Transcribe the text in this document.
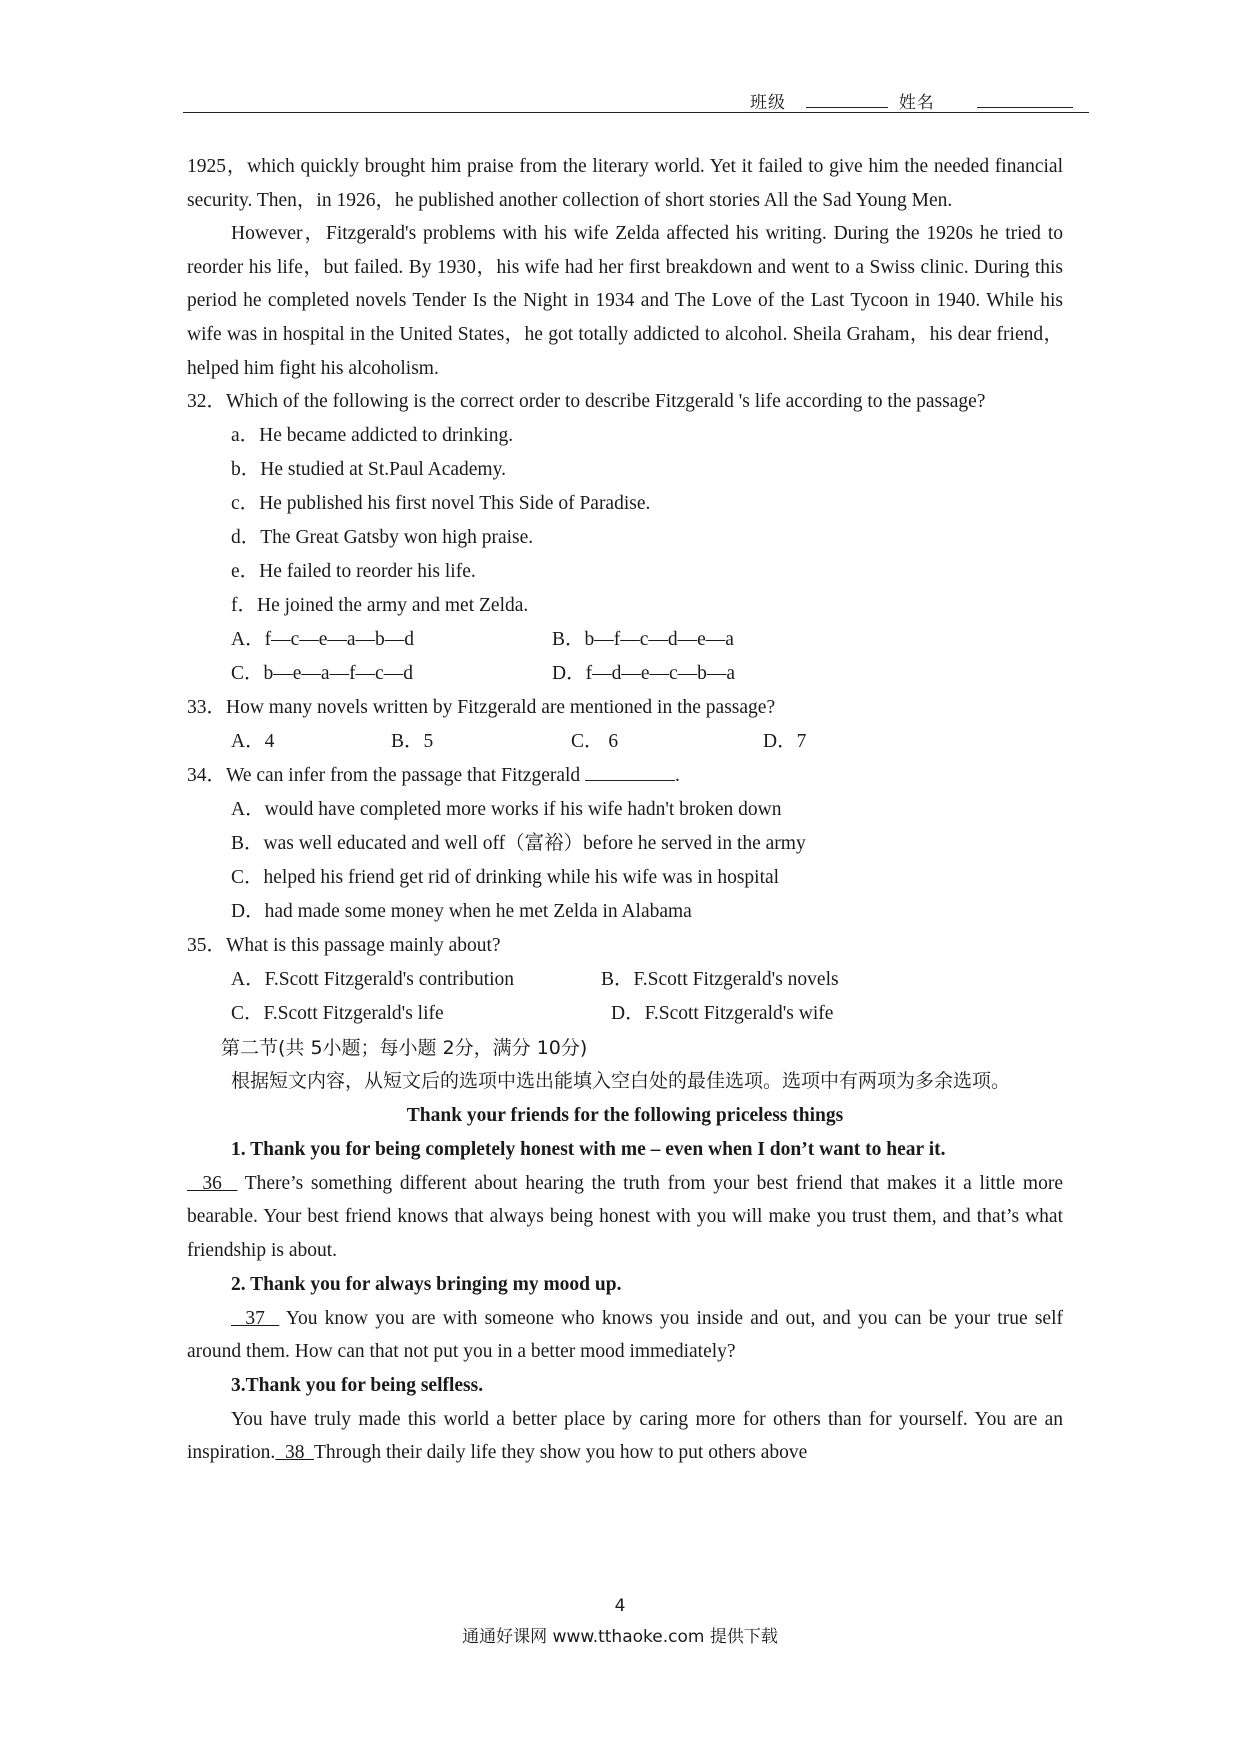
班级	姓名

1925，which quickly brought him praise from the literary world. Yet it failed to give him the needed financial security. Then，in 1926，he published another collection of short stories All the Sad Young Men.

However，Fitzgerald's problems with his wife Zelda affected his writing. During the 1920s he tried to reorder his life，but failed. By 1930，his wife had her first breakdown and went to a Swiss clinic. During this period he completed novels Tender Is the Night in 1934 and The Love of the Last Tycoon in 1940. While his wife was in hospital in the United States，he got totally addicted to alcohol. Sheila Graham，his dear friend，helped him fight his alcoholism.

32．Which of the following is the correct order to describe Fitzgerald 's life according to the passage?

a．He became addicted to drinking.

b．He studied at St.Paul Academy.

c．He published his first novel This Side of Paradise.

d．The Great Gatsby won high praise.

e．He failed to reorder his life.

f．He joined the army and met Zelda.

A．f—c—e—a—b—d	B．b—f—c—d—e—a
C．b—e—a—f—c—d	D．f—d—e—c—b—a

33．How many novels written by Fitzgerald are mentioned in the passage?

A．4	B．5	C． 6	D．7

34．We can infer from the passage that Fitzgerald	.

A．would have completed more works if his wife hadn't broken down

B．was well educated and well off（富裕）before he served in the army

C．helped his friend get rid of drinking while his wife was in hospital

D．had made some money when he met Zelda in Alabama

35．What is this passage mainly about?

A．F.Scott Fitzgerald's contribution	B．F.Scott Fitzgerald's novels
C．F.Scott Fitzgerald's life	D．F.Scott Fitzgerald's wife

第二节(共 5小题；每小题 2分，满分 10分)

根据短文内容，从短文后的选项中选出能填入空白处的最佳选项。选项中有两项为多余选项。

Thank your friends for the following priceless things

1. Thank you for being completely honest with me – even when I don’t want to hear it.

36   There’s something different about hearing the truth from your best friend that makes it a little more bearable. Your best friend knows that always being honest with you will make you trust them, and that’s what friendship is about.

2. Thank you for always bringing my mood up.

37   You know you are with someone who knows you inside and out, and you can be your true self around them. How can that not put you in a better mood immediately?

3.Thank you for being selfless.

You have truly made this world a better place by caring more for others than for yourself. You are an inspiration.  38  Through their daily life they show you how to put others above

4
通通好课网 www.tthaoke.com 提供下载
